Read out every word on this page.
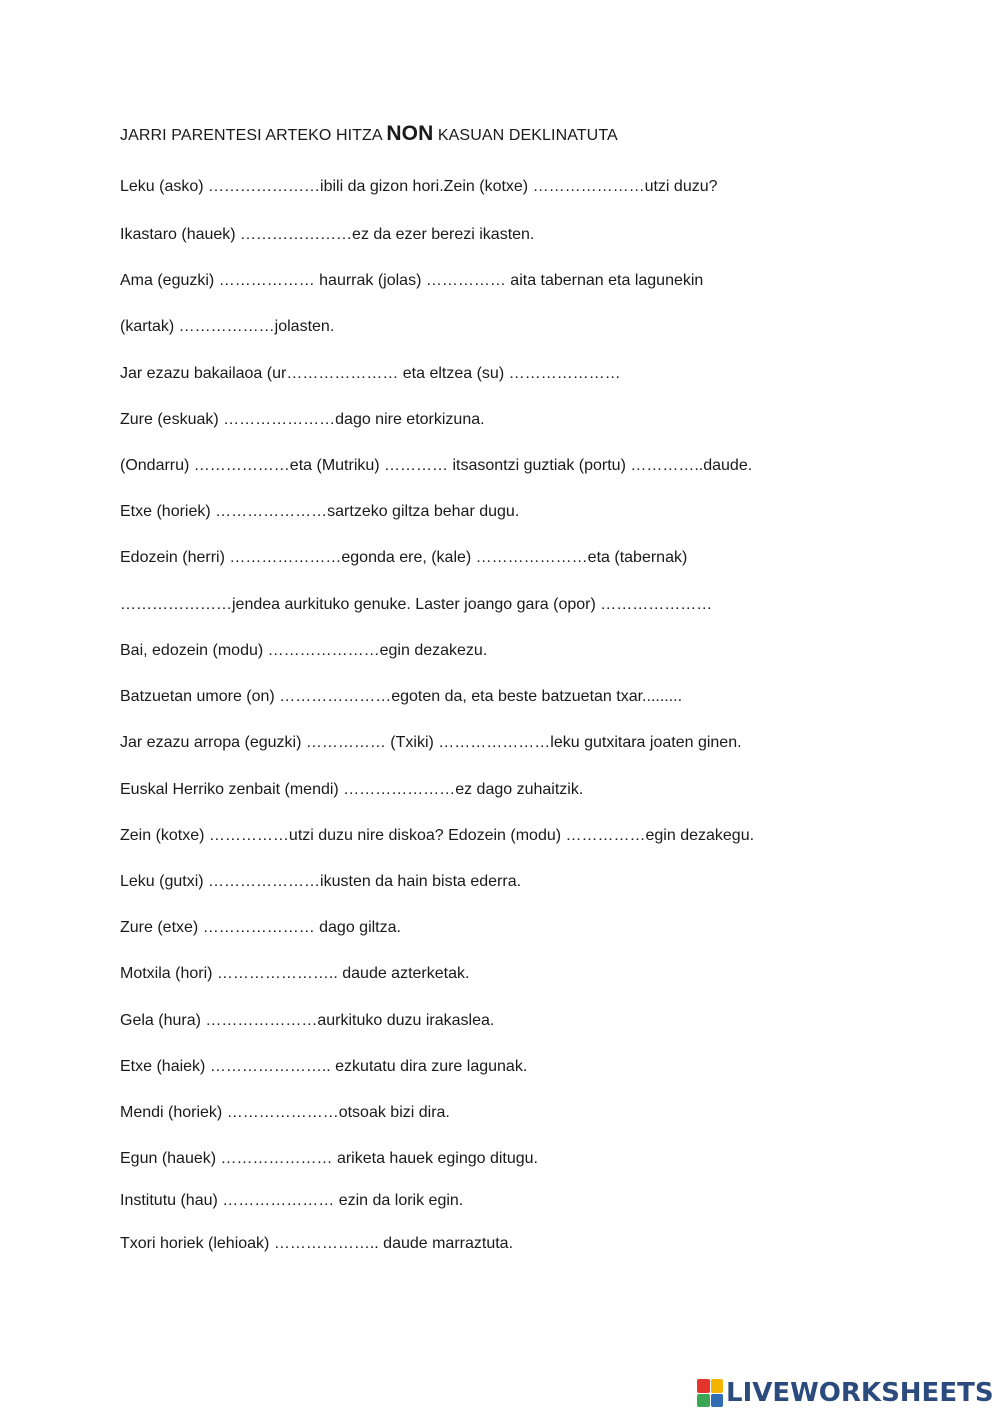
JARRI PARENTESI ARTEKO HITZA NON KASUAN DEKLINATUTA
Leku (asko) …………………ibili da gizon hori.Zein (kotxe) …………………utzi duzu?
Ikastaro (hauek) …………………ez da ezer berezi ikasten.
Ama (eguzki) ……………… haurrak (jolas) …………… aita tabernan eta lagunekin
(kartak) ………………jolasten.
Jar ezazu bakailaoa (ur………………… eta eltzea (su) …………………
Zure (eskuak) …………………dago nire etorkizuna.
(Ondarru) ………………eta (Mutriku) ………… itsasontzi guztiak (portu) …………..daude.
Etxe (horiek) …………………sartzeko giltza behar dugu.
Edozein (herri) …………………egonda ere, (kale) …………………eta (tabernak)
…………………jendea aurkituko genuke. Laster joango gara (opor) …………………
Bai, edozein (modu) …………………egin dezakezu.
Batzuetan umore (on) …………………egoten da, eta beste batzuetan txar.........
Jar ezazu arropa (eguzki) …………… (Txiki) …………………leku gutxitara joaten ginen.
Euskal Herriko zenbait (mendi) …………………ez dago zuhaitzik.
Zein (kotxe) ……………utzi duzu nire diskoa? Edozein (modu) ……………egin dezakegu.
Leku (gutxi) …………………ikusten da hain bista ederra.
Zure (etxe) ………………… dago giltza.
Motxila (hori) ………………….. daude azterketak.
Gela (hura) …………………aurkituko duzu irakaslea.
Etxe (haiek) ………………….. ezkutatu dira zure lagunak.
Mendi (horiek) …………………otsoak bizi dira.
Egun (hauek) ………………… ariketa hauek egingo ditugu.
Institutu (hau) ………………… ezin da lorik egin.
Txori horiek (lehioak) ……………….. daude marraztuta.
LIVEWORKSHEETS
